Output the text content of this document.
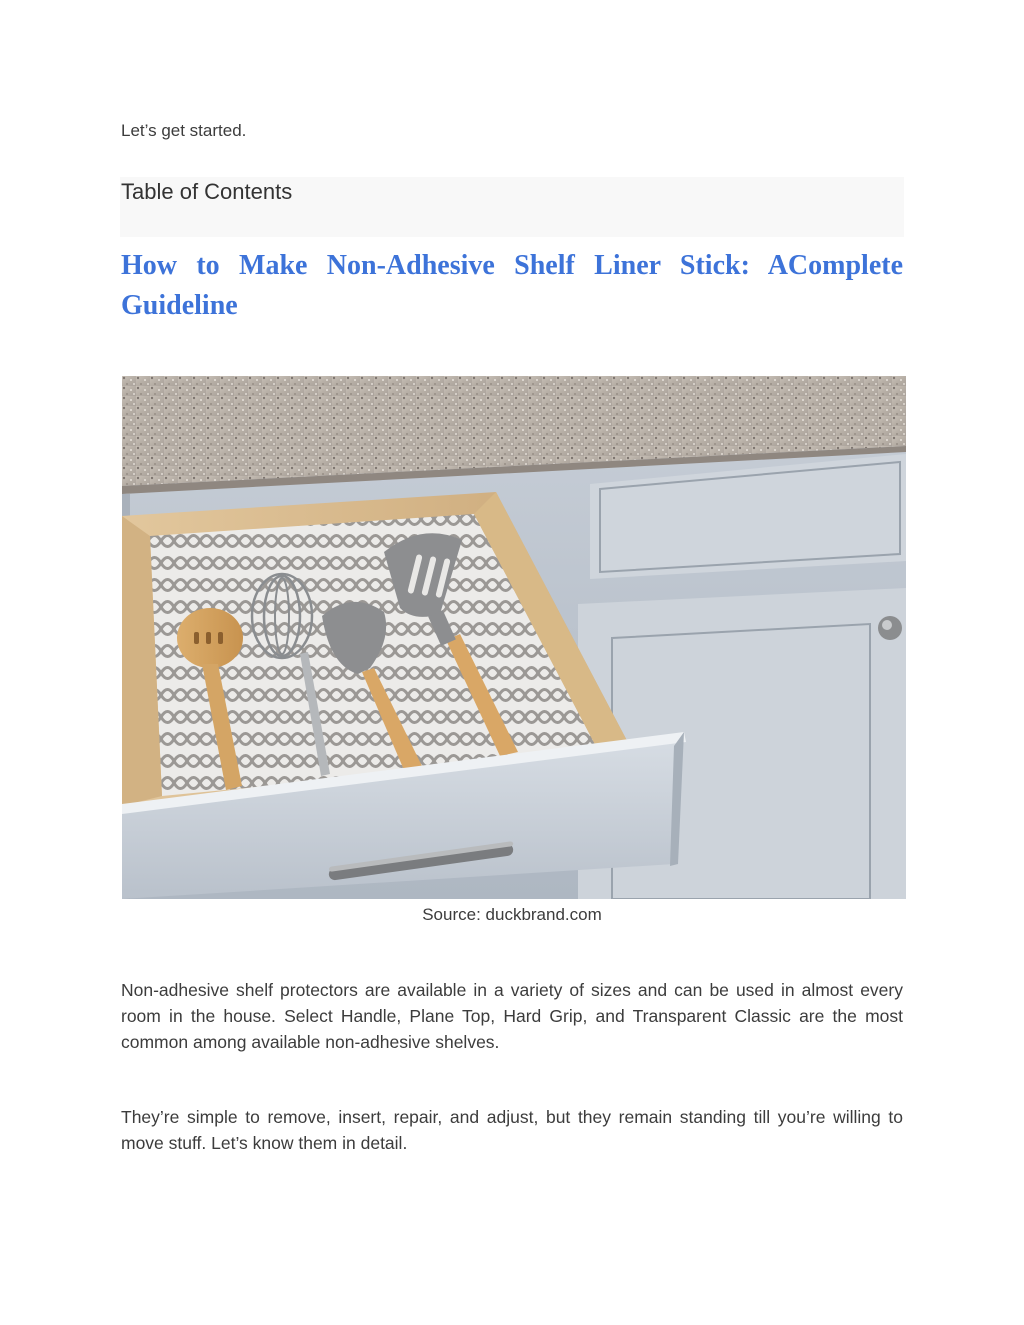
Let’s get started.

Table of Contents
How to Make Non-Adhesive Shelf Liner Stick: AComplete Guideline

Source: duckbrand.com

Non-adhesive shelf protectors are available in a variety of sizes and can be used in almost every room in the house. Select Handle, Plane Top, Hard Grip, and Transparent Classic are the most common among available non-adhesive shelves.

They’re simple to remove, insert, repair, and adjust, but they remain standing till you’re willing to move stuff. Let’s know them in detail.
